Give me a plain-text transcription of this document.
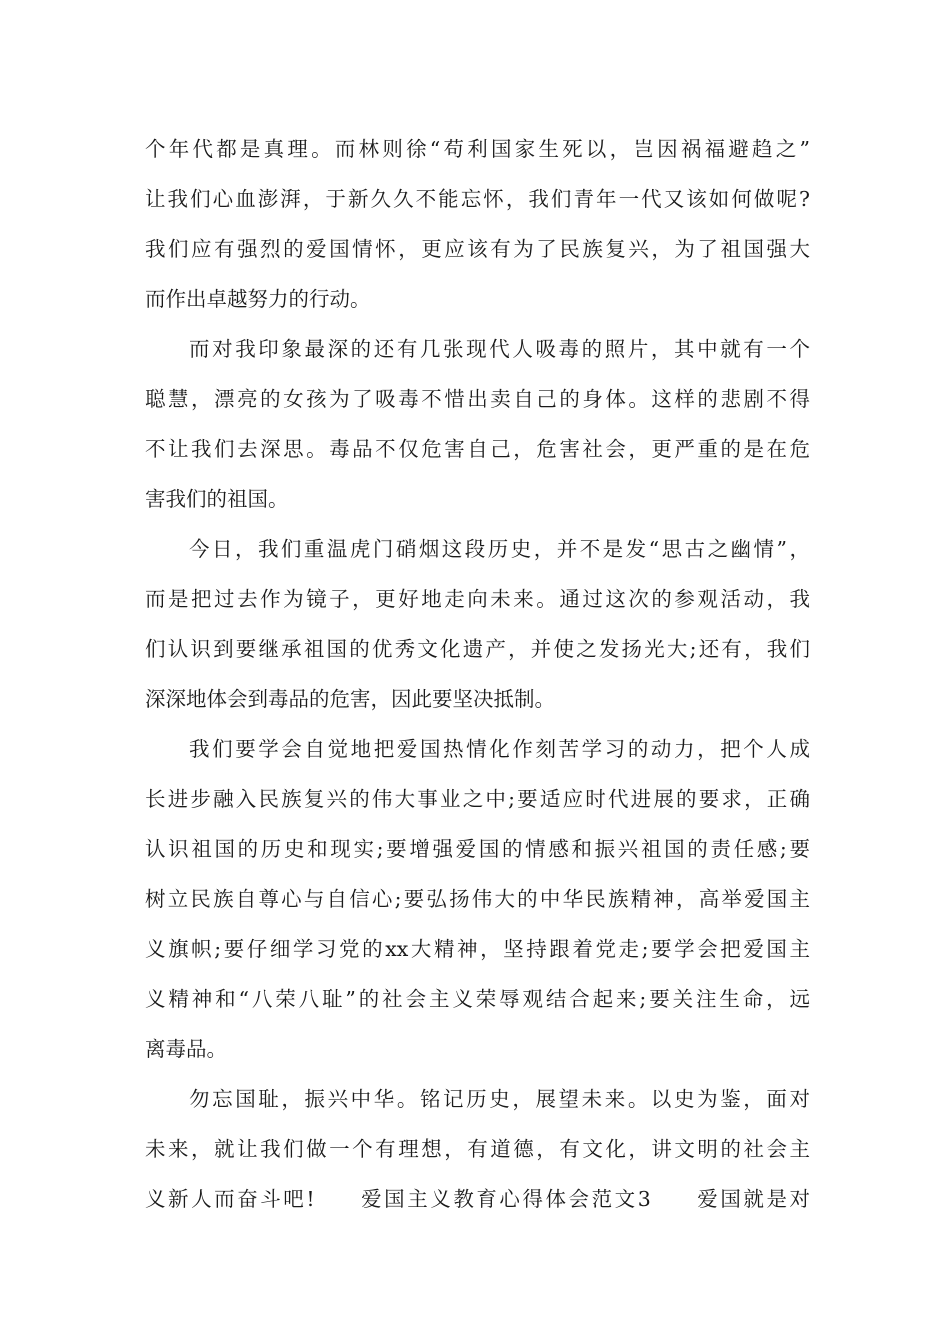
个年代都是真理。而林则徐“苟利国家生死以，岂因祸福避趋之”
让我们心血澎湃，于新久久不能忘怀，我们青年一代又该如何做呢?
我们应有强烈的爱国情怀，更应该有为了民族复兴，为了祖国强大
而作出卓越努力的行动。
而对我印象最深的还有几张现代人吸毒的照片，其中就有一个
聪慧，漂亮的女孩为了吸毒不惜出卖自己的身体。这样的悲剧不得
不让我们去深思。毒品不仅危害自己，危害社会，更严重的是在危
害我们的祖国。
今日，我们重温虎门硝烟这段历史，并不是发“思古之幽情”，
而是把过去作为镜子，更好地走向未来。通过这次的参观活动，我
们认识到要继承祖国的优秀文化遗产，并使之发扬光大;还有，我们
深深地体会到毒品的危害，因此要坚决抵制。
我们要学会自觉地把爱国热情化作刻苦学习的动力，把个人成
长进步融入民族复兴的伟大事业之中;要适应时代进展的要求，正确
认识祖国的历史和现实;要增强爱国的情感和振兴祖国的责任感;要
树立民族自尊心与自信心;要弘扬伟大的中华民族精神，高举爱国主
义旗帜;要仔细学习党的xx大精神，坚持跟着党走;要学会把爱国主
义精神和“八荣八耻”的社会主义荣辱观结合起来;要关注生命，远
离毒品。
勿忘国耻，振兴中华。铭记历史，展望未来。以史为鉴，面对
未来，就让我们做一个有理想，有道德，有文化，讲文明的社会主
义新人而奋斗吧! 爱国主义教育心得体会范文3 爱国就是对
